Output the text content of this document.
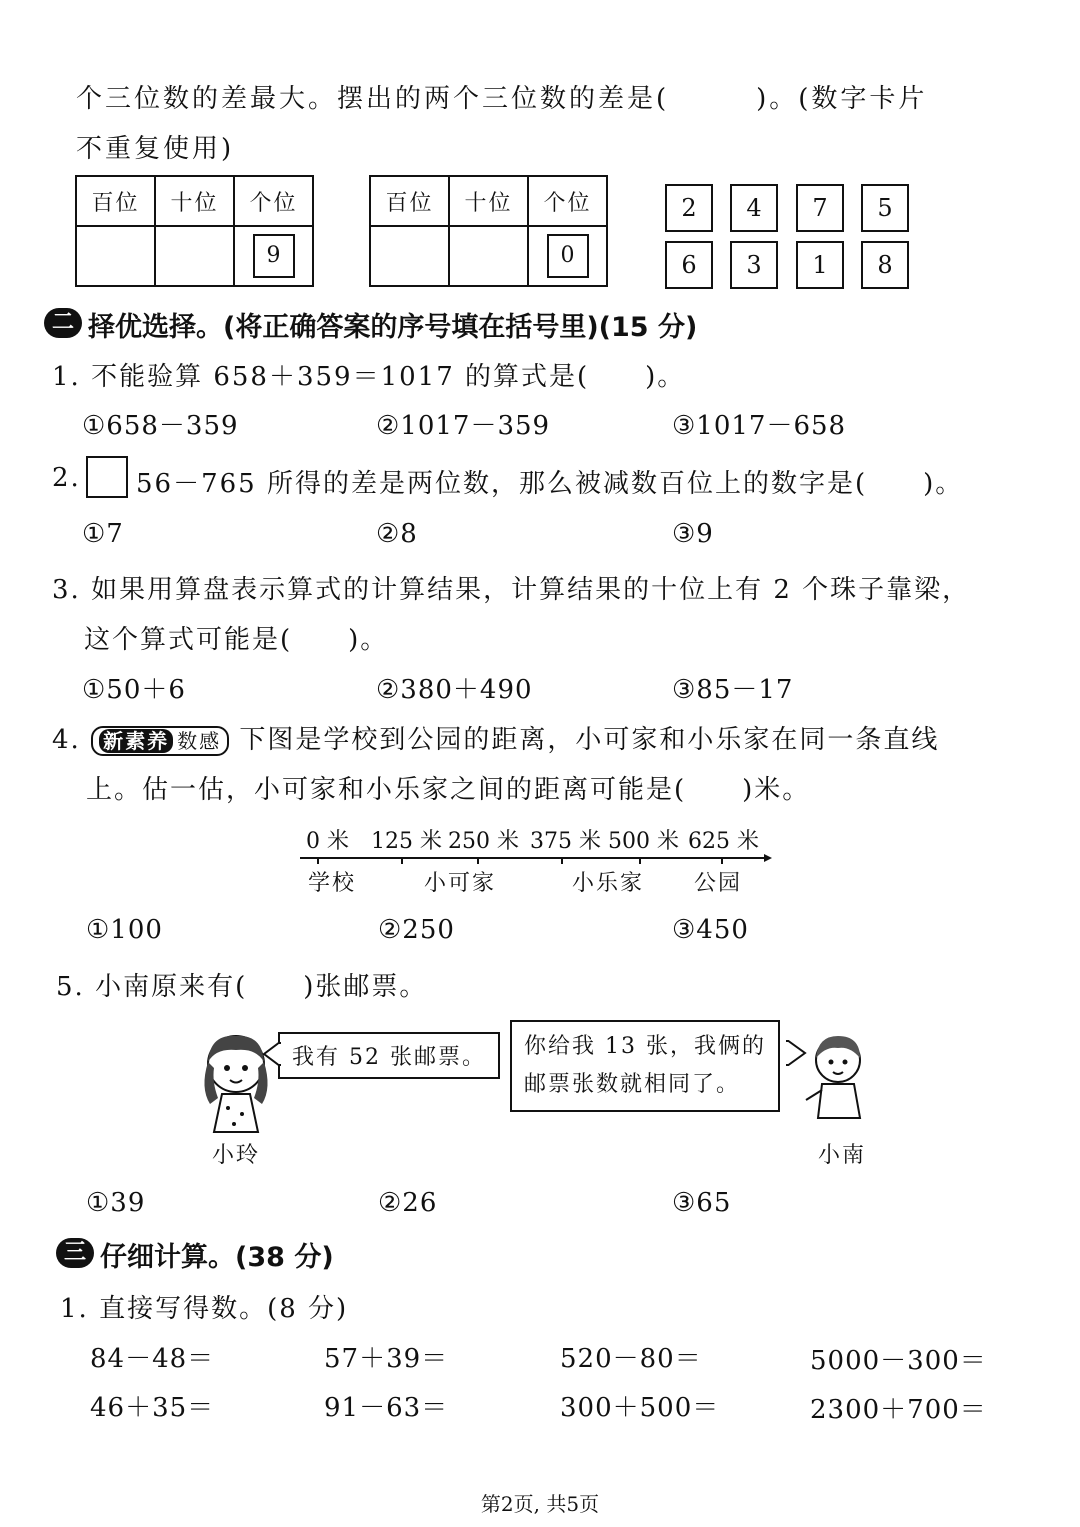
个三位数的差最大。摆出的两个三位数的差是(　　　)。(数字卡片
不重复使用)
百位	十位	个位
		9
百位	十位	个位
		0
2	4	7	5
6	3	1	8
二 择优选择。(将正确答案的序号填在括号里)(15 分)
1. 不能验算 658＋359＝1017 的算式是(　　)。
①658－359	②1017－359	③1017－658
2. 56－765 所得的差是两位数，那么被减数百位上的数字是(　　)。
①7	②8	③9
3. 如果用算盘表示算式的计算结果，计算结果的十位上有 2 个珠子靠梁，
这个算式可能是(　　)。
①50＋6	②380＋490	③85－17
4. 新素养 数感 下图是学校到公园的距离，小可家和小乐家在同一条直线
上。估一估，小可家和小乐家之间的距离可能是(　　)米。
0 米 125 米 250 米 375 米 500 米 625 米
学校	小可家	小乐家 公园
①100	②250	③450
5. 小南原来有(　　)张邮票。
小玲
我有 52 张邮票。	你给我 13 张，我俩的
邮票张数就相同了。
小南
①39	②26	③65
三 仔细计算。(38 分)
1. 直接写得数。(8 分)
84－48＝	57＋39＝	520－80＝	5000－300＝
46＋35＝	91－63＝	300＋500＝	2300＋700＝
第2页, 共5页
